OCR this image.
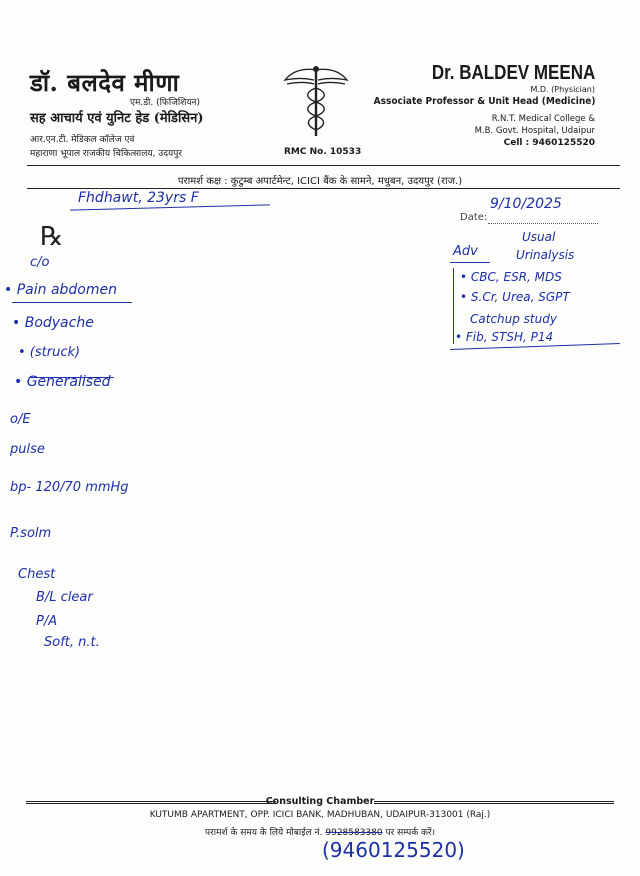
डॉ. बलदेव मीणा
एम.डी. (फिजिशियन)
सह आचार्य एवं युनिट हेड (मेडिसिन)
आर.एन.टी. मेडिकल कॉलेज एवं
महाराणा भूपाल राजकीय चिकित्सालय, उदयपुर	RMC No. 10533
Dr. BALDEV MEENA
M.D. (Physician)
Associate Professor & Unit Head (Medicine)
R.N.T. Medical College &
M.B. Govt. Hospital, Udaipur
Cell : 9460125520
परामर्श कक्ष : कुटुम्ब अपार्टमेन्ट, ICICI बैंक के सामने, मधुबन, उदयपुर (राज.)
Date:
9/10/2025
Fhdhawt, 23yrs F
℞
c/o
• Pain abdomen
• Bodyache
• (struck)
• Generalised
o/E
pulse
bp- 120/70 mmHg
P.solm
Chest
B/L clear
P/A
Soft, n.t.
Usual
Adv	Urinalysis
• CBC, ESR, MDS
• S.Cr, Urea, SGPT
Catchup study
• Fib, STSH, P14
Consulting Chamber
KUTUMB APARTMENT, OPP. ICICI BANK, MADHUBAN, UDAIPUR-313001 (Raj.)
परामर्श के समय के लिये मोबाईल नं. 9928583380 पर सम्पर्क करें।
(9460125520)
